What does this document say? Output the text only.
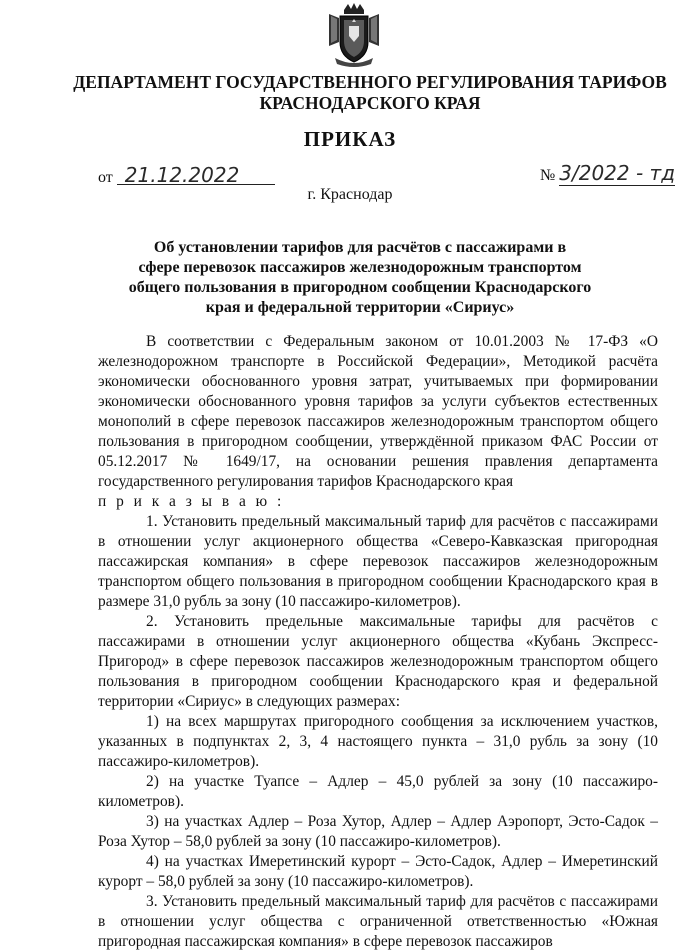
ДЕПАРТАМЕНТ ГОСУДАРСТВЕННОГО РЕГУЛИРОВАНИЯ ТАРИФОВ
КРАСНОДАРСКОГО КРАЯ
ПРИКАЗ
от 21.12.2022	№ 3/2022 - тд
г. Краснодар
Об установлении тарифов для расчётов с пассажирами в
сфере перевозок пассажиров железнодорожным транспортом
общего пользования в пригородном сообщении Краснодарского
края и федеральной территории «Сириус»

В соответствии с Федеральным законом от 10.01.2003 № 17-ФЗ «О железнодорожном транспорте в Российской Федерации», Методикой расчёта экономически обоснованного уровня затрат, учитываемых при формировании экономически обоснованного уровня тарифов за услуги субъектов естественных монополий в сфере перевозок пассажиров железнодорожным транспортом общего пользования в пригородном сообщении, утверждённой приказом ФАС России от 05.12.2017 № 1649/17, на основании решения правления департамента государственного регулирования тарифов Краснодарского края

п р и к а з ы в а ю :

1. Установить предельный максимальный тариф для расчётов с пассажирами в отношении услуг акционерного общества «Северо-Кавказская пригородная пассажирская компания» в сфере перевозок пассажиров железнодорожным транспортом общего пользования в пригородном сообщении Краснодарского края в размере 31,0 рубль за зону (10 пассажиро-километров).

2. Установить предельные максимальные тарифы для расчётов с пассажирами в отношении услуг акционерного общества «Кубань Экспресс-Пригород» в сфере перевозок пассажиров железнодорожным транспортом общего пользования в пригородном сообщении Краснодарского края и федеральной территории «Сириус» в следующих размерах:

1) на всех маршрутах пригородного сообщения за исключением участков, указанных в подпунктах 2, 3, 4 настоящего пункта – 31,0 рубль за зону (10 пассажиро-километров).

2) на участке Туапсе – Адлер – 45,0 рублей за зону (10 пассажиро-километров).

3) на участках Адлер – Роза Хутор, Адлер – Адлер Аэропорт, Эсто-Садок – Роза Хутор – 58,0 рублей за зону (10 пассажиро-километров).

4) на участках Имеретинский курорт – Эсто-Садок, Адлер – Имеретинский курорт – 58,0 рублей за зону (10 пассажиро-километров).

3. Установить предельный максимальный тариф для расчётов с пассажирами в отношении услуг общества с ограниченной ответственностью «Южная пригородная пассажирская компания» в сфере перевозок пассажиров
